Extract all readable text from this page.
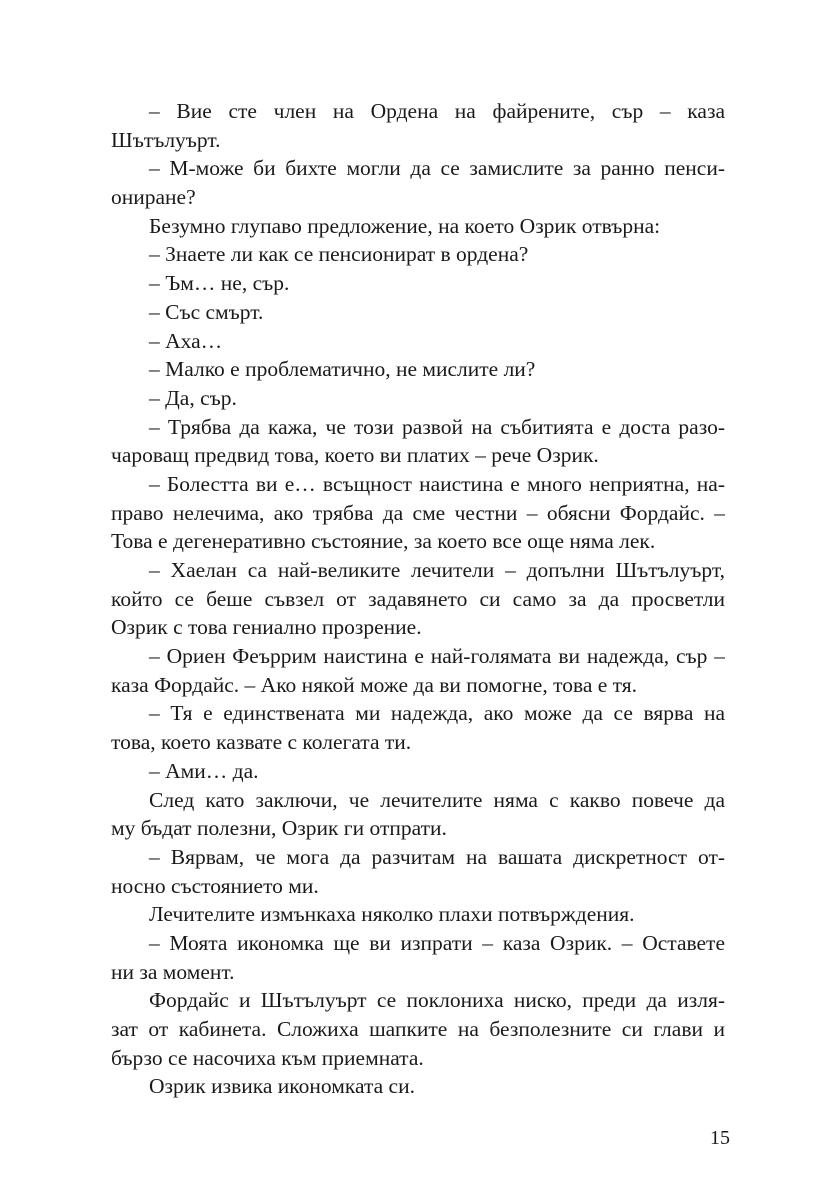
– Вие сте член на Ордена на файрените, сър – каза
Шътълуърт.
– М-може би бихте могли да се замислите за ранно пенси-
ониране?
Безумно глупаво предложение, на което Озрик отвърна:
– Знаете ли как се пенсионират в ордена?
– Ъм… не, сър.
– Със смърт.
– Аха…
– Малко е проблематично, не мислите ли?
– Да, сър.
– Трябва да кажа, че този развой на събитията е доста разо-
чароващ предвид това, което ви платих – рече Озрик.
– Болестта ви е… всъщност наистина е много неприятна, на-
право нелечима, ако трябва да сме честни – обясни Фордайс. –
Това е дегенеративно състояние, за което все още няма лек.
– Хаелан са най-великите лечители – допълни Шътълуърт,
който се беше съвзел от задавянето си само за да просветли
Озрик с това гениално прозрение.
– Ориен Феъррим наистина е най-голямата ви надежда, сър –
каза Фордайс. – Ако някой може да ви помогне, това е тя.
– Тя е единствената ми надежда, ако може да се вярва на
това, което казвате с колегата ти.
– Ами… да.
След като заключи, че лечителите няма с какво повече да
му бъдат полезни, Озрик ги отпрати.
– Вярвам, че мога да разчитам на вашата дискретност от-
носно състоянието ми.
Лечителите измънкаха няколко плахи потвърждения.
– Моята икономка ще ви изпрати – каза Озрик. – Оставете
ни за момент.
Фордайс и Шътълуърт се поклониха ниско, преди да изля-
зат от кабинета. Сложиха шапките на безполезните си глави и
бързо се насочиха към приемната.
Озрик извика икономката си.
15
